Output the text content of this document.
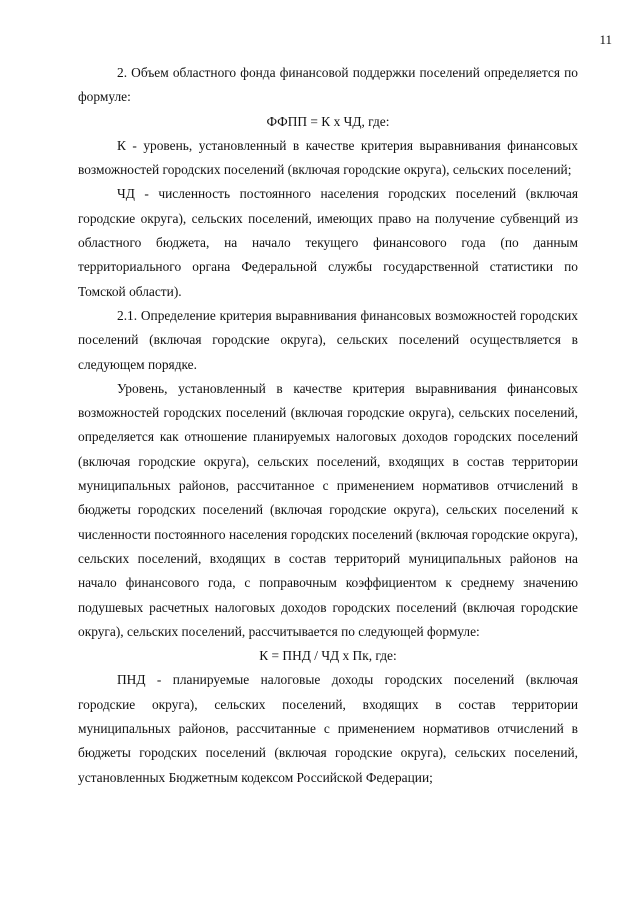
11

2. Объем областного фонда финансовой поддержки поселений определяется по формуле:

ФФПП = К х ЧД, где:

К - уровень, установленный в качестве критерия выравнивания финансовых возможностей городских поселений (включая городские округа), сельских поселений;

ЧД - численность постоянного населения городских поселений (включая городские округа), сельских поселений, имеющих право на получение субвенций из областного бюджета, на начало текущего финансового года (по данным территориального органа Федеральной службы государственной статистики по Томской области).

2.1. Определение критерия выравнивания финансовых возможностей городских поселений (включая городские округа), сельских поселений осуществляется в следующем порядке.

Уровень, установленный в качестве критерия выравнивания финансовых возможностей городских поселений (включая городские округа), сельских поселений, определяется как отношение планируемых налоговых доходов городских поселений (включая городские округа), сельских поселений, входящих в состав территории муниципальных районов, рассчитанное с применением нормативов отчислений в бюджеты городских поселений (включая городские округа), сельских поселений к численности постоянного населения городских поселений (включая городские округа), сельских поселений, входящих в состав территорий муниципальных районов на начало финансового года, с поправочным коэффициентом к среднему значению подушевых расчетных налоговых доходов городских поселений (включая городские округа), сельских поселений, рассчитывается по следующей формуле:

К = ПНД / ЧД х Пк, где:

ПНД - планируемые налоговые доходы городских поселений (включая городские округа), сельских поселений, входящих в состав территории муниципальных районов, рассчитанные с применением нормативов отчислений в бюджеты городских поселений (включая городские округа), сельских поселений, установленных Бюджетным кодексом Российской Федерации;
